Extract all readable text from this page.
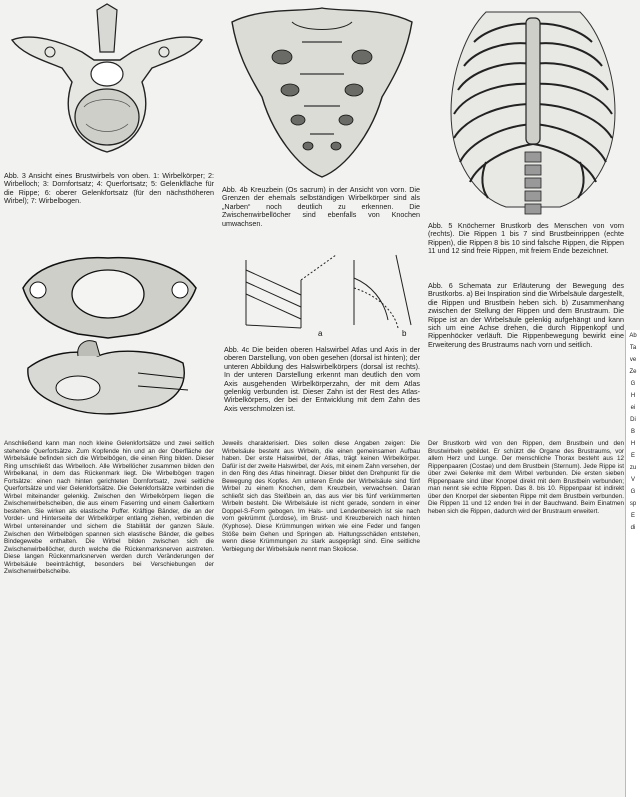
Abb. 3 Ansicht eines Brustwirbels von oben. 1: Wirbelkörper; 2: Wirbelloch; 3: Dornfortsatz; 4: Querfortsatz; 5: Gelenkfläche für die Rippe; 6: oberer Gelenkfortsatz (für den nächsthöheren Wirbel); 7: Wirbelbogen.

Abb. 4b Kreuzbein (Os sacrum) in der Ansicht von vorn. Die Grenzen der ehemals selbständigen Wirbelkörper sind als „Narben“ noch deutlich zu erkennen. Die Zwischenwirbellöcher sind ebenfalls von Knochen umwachsen.	Abb. 5 Knöcherner Brustkorb des Menschen von vorn (rechts). Die Rippen 1 bis 7 sind Brustbeinrippen (echte Rippen), die Rippen 8 bis 10 sind falsche Rippen, die Rippen 11 und 12 sind freie Rippen, mit freiem Ende bezeichnet.

a	b

Abb. 4c Die beiden oberen Halswirbel Atlas und Axis in der oberen Darstellung, von oben gesehen (dorsal ist hinten); der unteren Abbildung des Halswirbelkörpers (dorsal ist rechts). In der unteren Darstellung erkennt man deutlich den vom Axis ausgehenden Wirbelkörperzahn, der mit dem Atlas gelenkig verbunden ist. Dieser Zahn ist der Rest des Atlas-Wirbelkörpers, der bei der Entwicklung mit dem Zahn des Axis verschmolzen ist.

Abb. 6 Schemata zur Erläuterung der Bewegung des Brustkorbs. a) Bei Inspiration sind die Wirbelsäule dargestellt, die Rippen und Brustbein heben sich. b) Zusammenhang zwischen der Stellung der Rippen und dem Brustraum. Die Rippe ist an der Wirbelsäule gelenkig aufgehängt und kann sich um eine Achse drehen, die durch Rippenkopf und Rippenhöcker verläuft. Die Rippenbewegung bewirkt eine Erweiterung des Brustraums nach vorn und seitlich.

Anschließend kann man noch kleine Gelenkfortsätze und zwei seitlich stehende Querfortsätze. Zum Kopfende hin und an der Oberfläche der Wirbelsäule befinden sich die Wirbelbögen, die einen Ring bilden. Dieser Ring umschließt das Wirbelloch. Alle Wirbellöcher zusammen bilden den Wirbelkanal, in dem das Rückenmark liegt. Die Wirbelbögen tragen Fortsätze: einen nach hinten gerichteten Dornfortsatz, zwei seitliche Querfortsätze und vier Gelenkfortsätze. Die Gelenkfortsätze verbinden die Wirbel miteinander gelenkig. Zwischen den Wirbelkörpern liegen die Zwischenwirbelscheiben, die aus einem Faserring und einem Gallertkern bestehen. Sie wirken als elastische Puffer. Kräftige Bänder, die an der Vorder- und Hinterseite der Wirbelkörper entlang ziehen, verbinden die Wirbel untereinander und sichern die Stabilität der ganzen Säule. Zwischen den Wirbelbögen spannen sich elastische Bänder, die gelbes Bindegewebe enthalten. Die Wirbel bilden zwischen sich die Zwischenwirbellöcher, durch welche die Rückenmarksnerven austreten. Diese langen Rückenmarksnerven werden durch Veränderungen der Wirbelsäule beeinträchtigt, besonders bei Verschiebungen der Zwischenwirbelscheibe.

Jeweils charakterisiert. Dies sollen diese Angaben zeigen: Die Wirbelsäule besteht aus Wirbeln, die einen gemeinsamen Aufbau haben. Der erste Halswirbel, der Atlas, trägt keinen Wirbelkörper. Dafür ist der zweite Halswirbel, der Axis, mit einem Zahn versehen, der in den Ring des Atlas hineinragt. Dieser bildet den Drehpunkt für die Bewegung des Kopfes. Am unteren Ende der Wirbelsäule sind fünf Wirbel zu einem Knochen, dem Kreuzbein, verwachsen. Daran schließt sich das Steißbein an, das aus vier bis fünf verkümmerten Wirbeln besteht. Die Wirbelsäule ist nicht gerade, sondern in einer Doppel-S-Form gebogen. Im Hals- und Lendenbereich ist sie nach vorn gekrümmt (Lordose), im Brust- und Kreuzbereich nach hinten (Kyphose). Diese Krümmungen wirken wie eine Feder und fangen Stöße beim Gehen und Springen ab. Haltungsschäden entstehen, wenn diese Krümmungen zu stark ausgeprägt sind. Eine seitliche Verbiegung der Wirbelsäule nennt man Skoliose.

Der Brustkorb wird von den Rippen, dem Brustbein und den Brustwirbeln gebildet. Er schützt die Organe des Brustraums, vor allem Herz und Lunge. Der menschliche Thorax besteht aus 12 Rippenpaaren (Costae) und dem Brustbein (Sternum). Jede Rippe ist über zwei Gelenke mit dem Wirbel verbunden. Die ersten sieben Rippenpaare sind über Knorpel direkt mit dem Brustbein verbunden; man nennt sie echte Rippen. Das 8. bis 10. Rippenpaar ist indirekt über den Knorpel der siebenten Rippe mit dem Brustbein verbunden. Die Rippen 11 und 12 enden frei in der Bauchwand. Beim Einatmen heben sich die Rippen, dadurch wird der Brustraum erweitert.

Ab
Ta
ve
Ze
G
H
ei
Di
B
H
E
zu
V
G
sp
E
di
